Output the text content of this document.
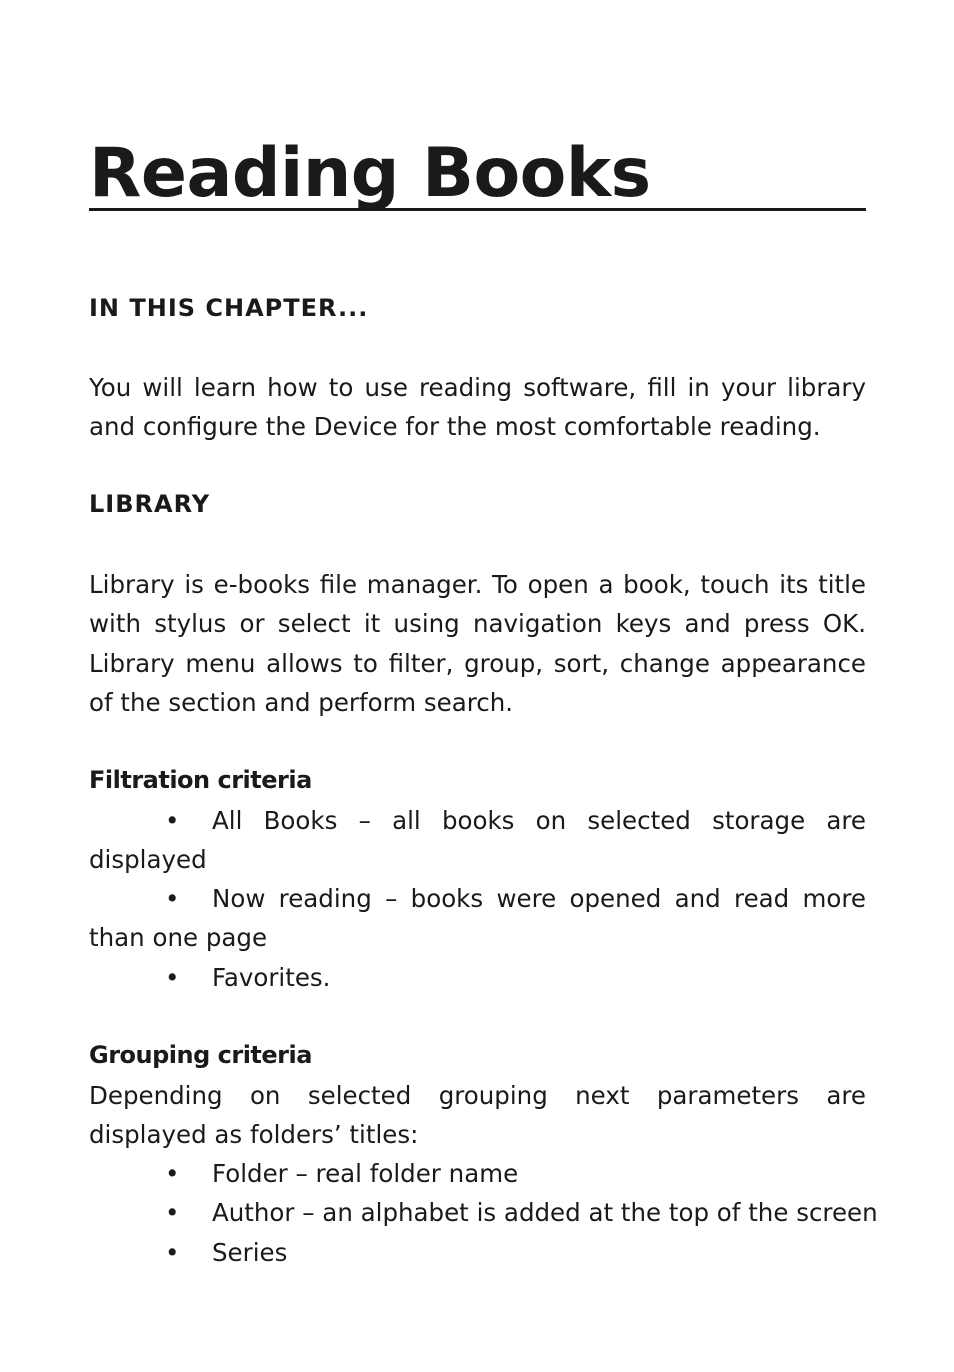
Reading Books
IN THIS CHAPTER...

You will learn how to use reading software, fill in your library and configure the Device for the most comfortable reading.

LIBRARY

Library is e-books file manager. To open a book, touch its title with stylus or select it using navigation keys and press OK. Library menu allows to filter, group, sort, change appearance of the section and perform search.

Filtration criteria

• All Books – all books on selected storage are displayed

• Now reading – books were opened and read more than one page

• Favorites.

Grouping criteria

Depending on selected grouping next parameters are displayed as folders’ titles:

• Folder – real folder name
• Author – an alphabet is added at the top of the screen
• Series
